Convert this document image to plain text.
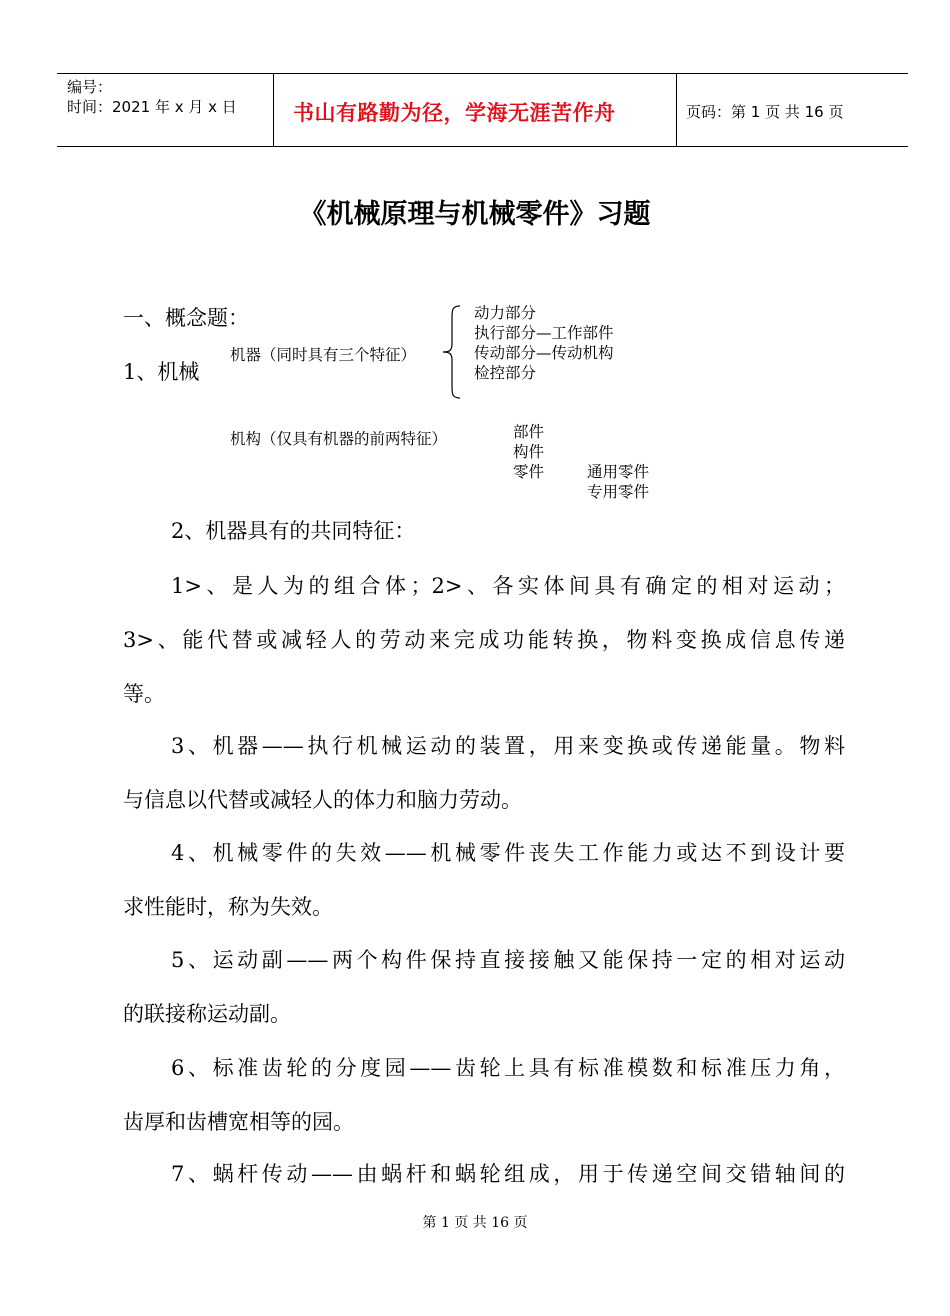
编号：
时间：2021 年 x 月 x 日	书山有路勤为径，学海无涯苦作舟	页码：第 1 页 共 16 页
《机械原理与机械零件》习题
一、概念题：
1、机械
机器（同时具有三个特征）
动力部分
执行部分—工作部件
传动部分—传动机构
检控部分
机构（仅具有机器的前两特征）	部件
构件
零件	通用零件
专用零件
2、机器具有的共同特征：
1>、是人为的组合体；2>、各实体间具有确定的相对运动；
3>、能代替或减轻人的劳动来完成功能转换，物料变换成信息传递
等。
3、机器——执行机械运动的装置，用来变换或传递能量。物料
与信息以代替或减轻人的体力和脑力劳动。
4、机械零件的失效——机械零件丧失工作能力或达不到设计要
求性能时，称为失效。
5、运动副——两个构件保持直接接触又能保持一定的相对运动
的联接称运动副。
6、标准齿轮的分度园——齿轮上具有标准模数和标准压力角，
齿厚和齿槽宽相等的园。
7、蜗杆传动——由蜗杆和蜗轮组成，用于传递空间交错轴间的
第 1 页 共 16 页
